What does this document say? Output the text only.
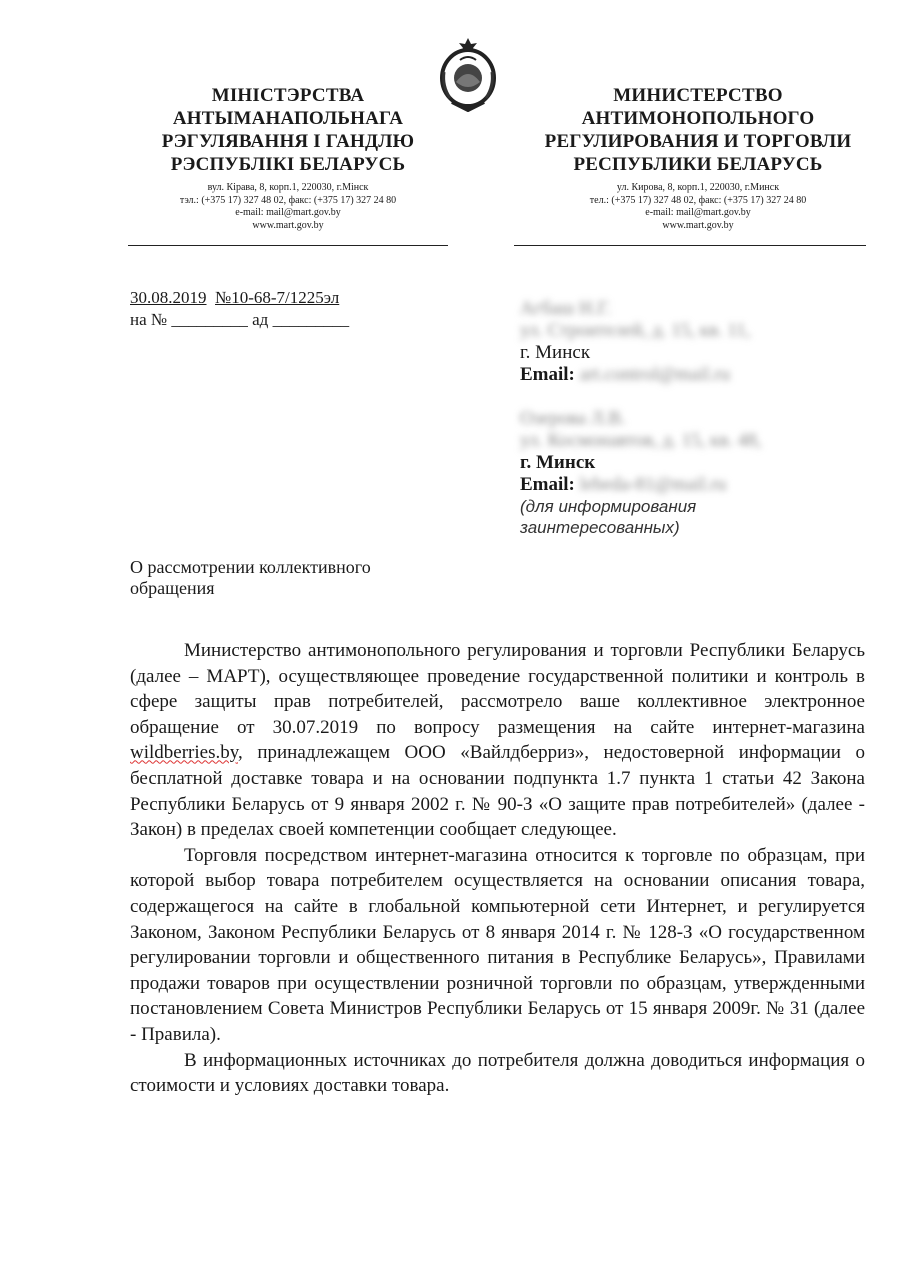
МІНІСТЭРСТВА
АНТЫМАНАПОЛЬНАГА
РЭГУЛЯВАННЯ І ГАНДЛЮ
РЭСПУБЛІКІ БЕЛАРУСЬ
вул. Кірава, 8, корп.1, 220030, г.Мінск
тэл.: (+375 17) 327 48 02, факс: (+375 17) 327 24 80
e-mail: mail@mart.gov.by
www.mart.gov.by
МИНИСТЕРСТВО
АНТИМОНОПОЛЬНОГО
РЕГУЛИРОВАНИЯ И ТОРГОВЛИ
РЕСПУБЛИКИ БЕЛАРУСЬ
ул. Кирова, 8, корп.1, 220030, г.Минск
тел.: (+375 17) 327 48 02, факс: (+375 17) 327 24 80
e-mail: mail@mart.gov.by
www.mart.gov.by
30.08.2019 №10-68-7/1225эл
на № _________ ад _________
Агбаш Н.Г.
ул. Строителей, д. 15, кв. 11,
г. Минск
Email: art.control@mail.ru
Озерова Л.В.
ул. Космонавтов, д. 15, кв. 48,
г. Минск
Email: lebeda-81@mail.ru
(для информирования
заинтересованных)
О рассмотрении коллективного
обращения

Министерство антимонопольного регулирования и торговли Республики Беларусь (далее – МАРТ), осуществляющее проведение государственной политики и контроль в сфере защиты прав потребителей, рассмотрело ваше коллективное электронное обращение от 30.07.2019 по вопросу размещения на сайте интернет-магазина wildberries.by, принадлежащем ООО «Вайлдберриз», недостоверной информации о бесплатной доставке товара и на основании подпункта 1.7 пункта 1 статьи 42 Закона Республики Беларусь от 9 января 2002 г. № 90-З «О защите прав потребителей» (далее - Закон) в пределах своей компетенции сообщает следующее.

Торговля посредством интернет-магазина относится к торговле по образцам, при которой выбор товара потребителем осуществляется на основании описания товара, содержащегося на сайте в глобальной компьютерной сети Интернет, и регулируется Законом, Законом Республики Беларусь от 8 января 2014 г. № 128-З «О государственном регулировании торговли и общественного питания в Республике Беларусь», Правилами продажи товаров при осуществлении розничной торговли по образцам, утвержденными постановлением Совета Министров Республики Беларусь от 15 января 2009г. № 31 (далее - Правила).

В информационных источниках до потребителя должна доводиться информация о стоимости и условиях доставки товара.
